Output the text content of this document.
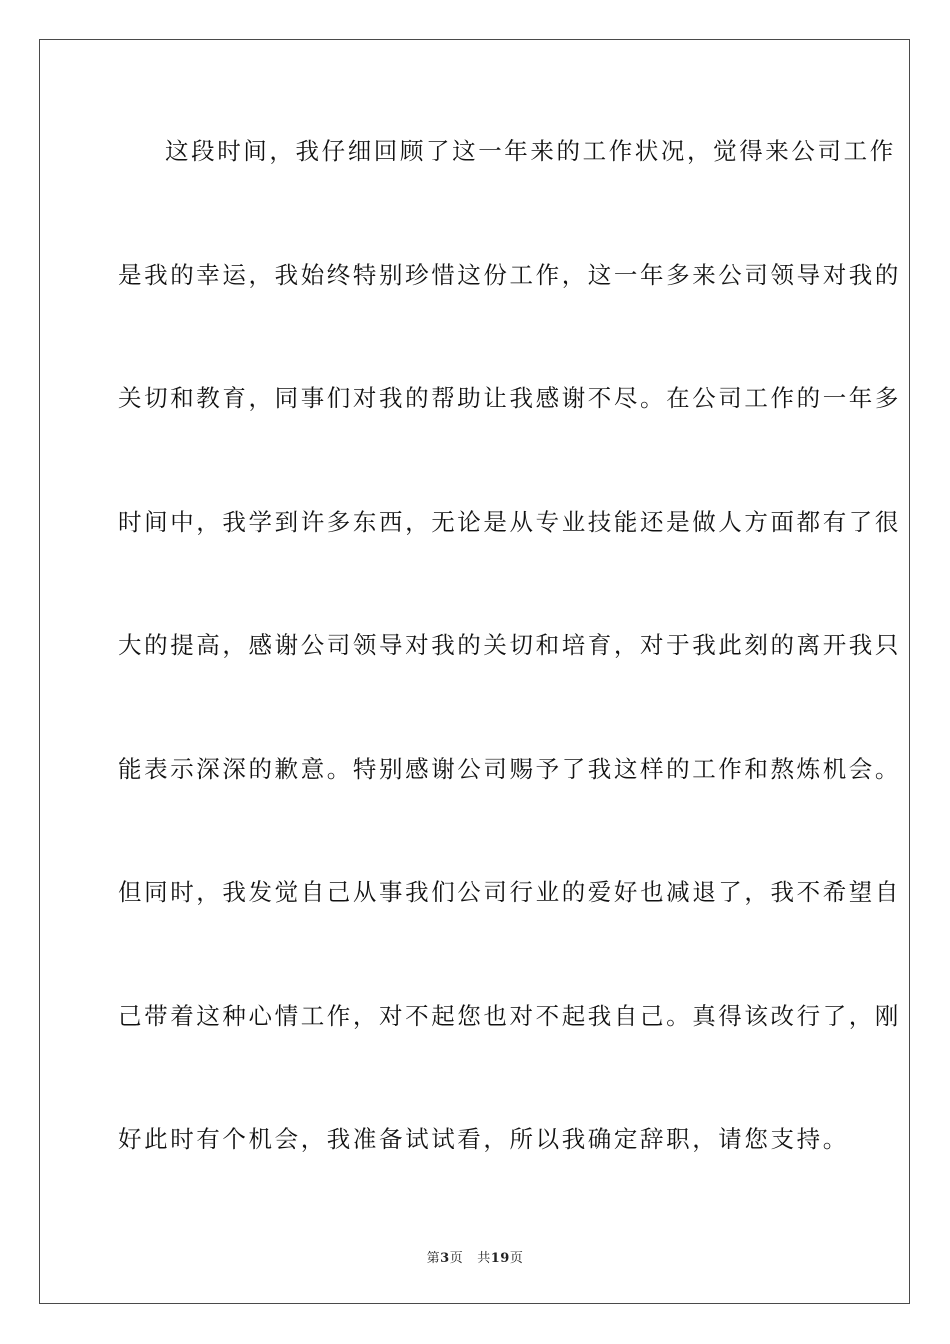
这段时间，我仔细回顾了这一年来的工作状况，觉得来公司工作
是我的幸运，我始终特别珍惜这份工作，这一年多来公司领导对我的
关切和教育，同事们对我的帮助让我感谢不尽。在公司工作的一年多
时间中，我学到许多东西，无论是从专业技能还是做人方面都有了很
大的提高，感谢公司领导对我的关切和培育，对于我此刻的离开我只
能表示深深的歉意。特别感谢公司赐予了我这样的工作和熬炼机会。
但同时，我发觉自己从事我们公司行业的爱好也减退了，我不希望自
己带着这种心情工作，对不起您也对不起我自己。真得该改行了，刚
好此时有个机会，我准备试试看，所以我确定辞职，请您支持。
第3页 共19页
